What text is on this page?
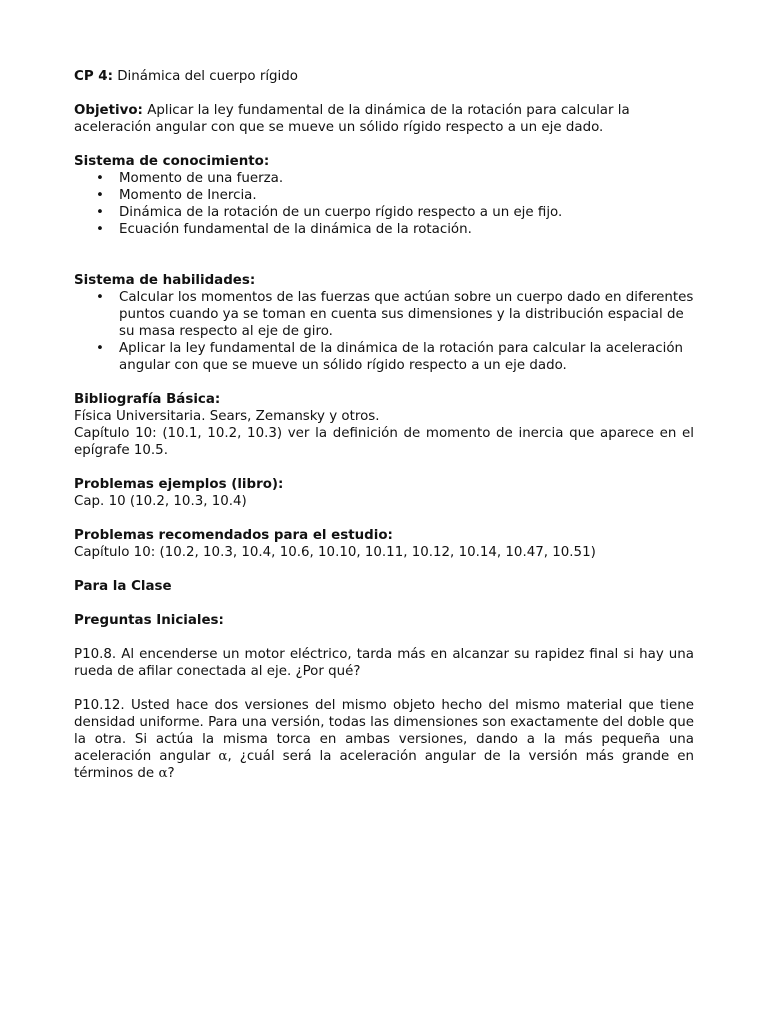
CP 4: Dinámica del cuerpo rígido

Objetivo: Aplicar la ley fundamental de la dinámica de la rotación para calcular la aceleración angular con que se mueve un sólido rígido respecto a un eje dado.

Sistema de conocimiento:

• Momento de una fuerza.
• Momento de Inercia.
• Dinámica de la rotación de un cuerpo rígido respecto a un eje fijo.
• Ecuación fundamental de la dinámica de la rotación.

Sistema de habilidades:

• Calcular los momentos de las fuerzas que actúan sobre un cuerpo dado en diferentes puntos cuando ya se toman en cuenta sus dimensiones y la distribución espacial de su masa respecto al eje de giro.
• Aplicar la ley fundamental de la dinámica de la rotación para calcular la aceleración angular con que se mueve un sólido rígido respecto a un eje dado.

Bibliografía Básica:

Física Universitaria. Sears, Zemansky y otros.

Capítulo 10: (10.1, 10.2, 10.3) ver la definición de momento de inercia que aparece en el epígrafe 10.5.

Problemas ejemplos (libro):

Cap. 10 (10.2, 10.3, 10.4)

Problemas recomendados para el estudio:

Capítulo 10: (10.2, 10.3, 10.4, 10.6, 10.10, 10.11, 10.12, 10.14, 10.47, 10.51)

Para la Clase

Preguntas Iniciales:

P10.8. Al encenderse un motor eléctrico, tarda más en alcanzar su rapidez final si hay una rueda de afilar conectada al eje. ¿Por qué?

P10.12. Usted hace dos versiones del mismo objeto hecho del mismo material que tiene densidad uniforme. Para una versión, todas las dimensiones son exactamente del doble que la otra. Si actúa la misma torca en ambas versiones, dando a la más pequeña una aceleración angular α, ¿cuál será la aceleración angular de la versión más grande en términos de α?
